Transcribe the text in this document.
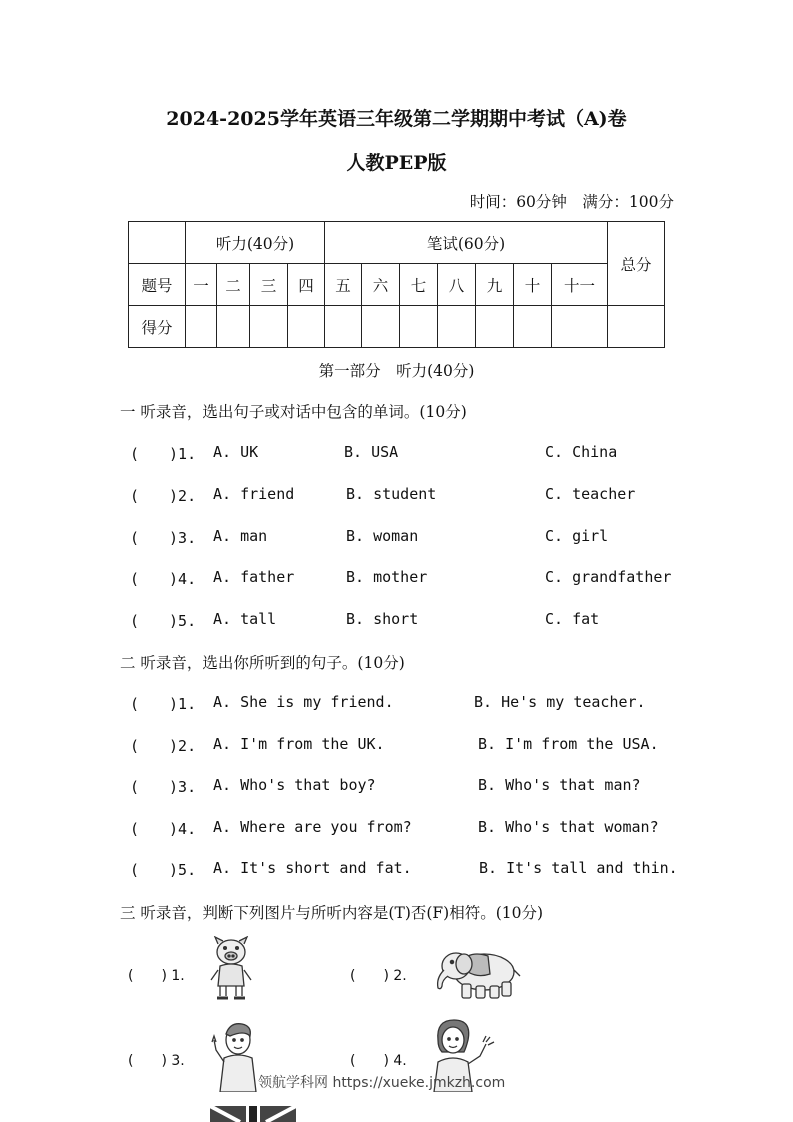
2024-2025学年英语三年级第二学期期中考试（A)卷
人教PEP版
时间：60分钟　满分：100分
	听力(40分)				笔试(60分)							总分
题号	一	二	三	四	五	六	七	八	九	十	十一	
得分												
第一部分　听力(40分)
一 听录音，选出句子或对话中包含的单词。(10分)
(　　)1. A. UK	B. USA	C. China
(　　)2. A. friend	B. student	C. teacher
(　　)3. A. man	B. woman	C. girl
(　　)4. A. father	B. mother	C. grandfather
(　　)5. A. tall	B. short	C. fat
二 听录音，选出你所听到的句子。(10分)
(　　)1. A. She is my friend.	B. He's my teacher.
(　　)2. A. I'm from the UK.	B. I'm from the USA.
(　　)3. A. Who's that boy?	B. Who's that man?
(　　)4. A. Where are you from?	B. Who's that woman?
(　　)5. A. It's short and fat.	B. It's tall and thin.
三 听录音，判断下列图片与所听内容是(T)否(F)相符。(10分)
(　　) 1.	(　　) 2.
(　　) 3.	(　　) 4.
领航学科网 https://xueke.jmkzh.com
